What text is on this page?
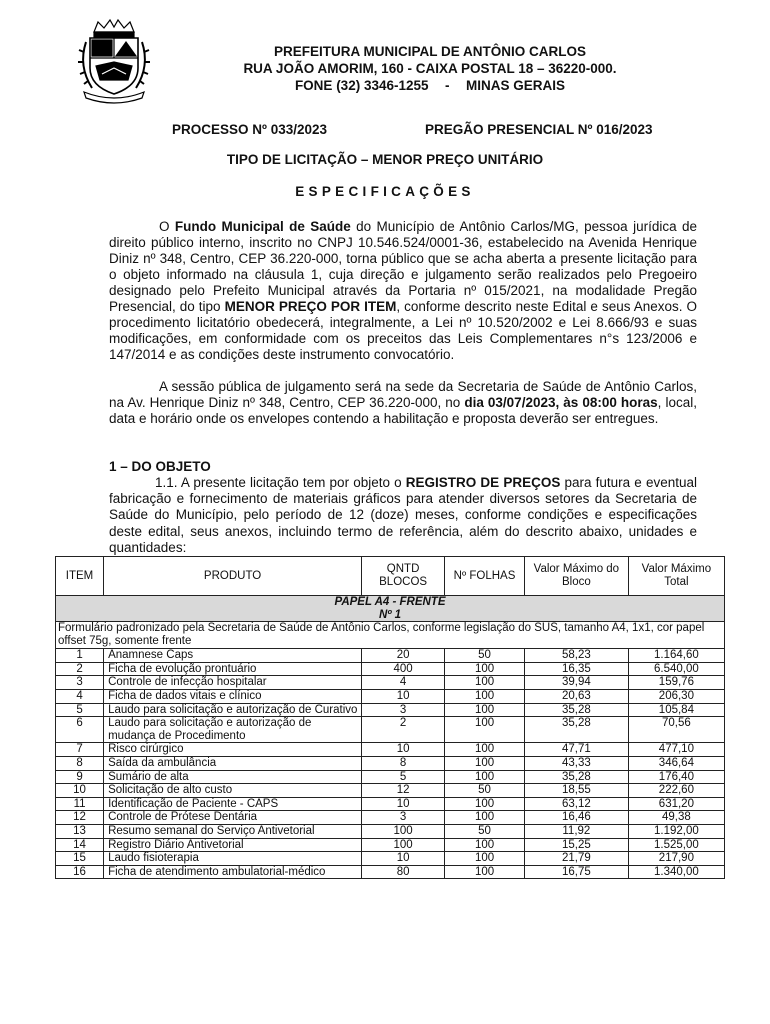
PREFEITURA MUNICIPAL DE ANTÔNIO CARLOS
RUA JOÃO AMORIM, 160 - CAIXA POSTAL 18 – 36220-000.
FONE (32) 3346-1255 - MINAS GERAIS
PROCESSO Nº 033/2023	PREGÃO PRESENCIAL Nº 016/2023
TIPO DE LICITAÇÃO – MENOR PREÇO UNITÁRIO
ESPECIFICAÇÕES
O Fundo Municipal de Saúde do Município de Antônio Carlos/MG, pessoa jurídica de direito público interno, inscrito no CNPJ 10.546.524/0001-36, estabelecido na Avenida Henrique Diniz nº 348, Centro, CEP 36.220-000, torna público que se acha aberta a presente licitação para o objeto informado na cláusula 1, cuja direção e julgamento serão realizados pelo Pregoeiro designado pelo Prefeito Municipal através da Portaria nº 015/2021, na modalidade Pregão Presencial, do tipo MENOR PREÇO POR ITEM, conforme descrito neste Edital e seus Anexos. O procedimento licitatório obedecerá, integralmente, a Lei nº 10.520/2002 e Lei 8.666/93 e suas modificações, em conformidade com os preceitos das Leis Complementares n°s 123/2006 e 147/2014 e as condições deste instrumento convocatório.
A sessão pública de julgamento será na sede da Secretaria de Saúde de Antônio Carlos, na Av. Henrique Diniz nº 348, Centro, CEP 36.220-000, no dia 03/07/2023, às 08:00 horas, local, data e horário onde os envelopes contendo a habilitação e proposta deverão ser entregues.
1 – DO OBJETO
1.1. A presente licitação tem por objeto o REGISTRO DE PREÇOS para futura e eventual fabricação e fornecimento de materiais gráficos para atender diversos setores da Secretaria de Saúde do Município, pelo período de 12 (doze) meses, conforme condições e especificações deste edital, seus anexos, incluindo termo de referência, além do descrito abaixo, unidades e quantidades:
ITEM	PRODUTO	QNTD BLOCOS	Nº FOLHAS	Valor Máximo do Bloco	Valor Máximo Total

PAPEL A4 - FRENTE
Nº 1					

Formulário padronizado pela Secretaria de Saúde de Antônio Carlos, conforme legislação do SUS, tamanho A4, 1x1, cor papel offset 75g, somente frente					
1	Anamnese Caps	20	50	58,23	1.164,60
2	Ficha de evolução prontuário	400	100	16,35	6.540,00
3	Controle de infecção hospitalar	4	100	39,94	159,76
4	Ficha de dados vitais e clínico	10	100	20,63	206,30
5	Laudo para solicitação e autorização de Curativo	3	100	35,28	105,84
6	Laudo para solicitação e autorização de mudança de Procedimento	2	100	35,28	70,56
7	Risco cirúrgico	10	100	47,71	477,10
8	Saída da ambulância	8	100	43,33	346,64
9	Sumário de alta	5	100	35,28	176,40
10	Solicitação de alto custo	12	50	18,55	222,60
11	Identificação de Paciente - CAPS	10	100	63,12	631,20
12	Controle de Prótese Dentária	3	100	16,46	49,38
13	Resumo semanal do Serviço Antivetorial	100	50	11,92	1.192,00
14	Registro Diário Antivetorial	100	100	15,25	1.525,00
15	Laudo fisioterapia	10	100	21,79	217,90
16	Ficha de atendimento ambulatorial-médico	80	100	16,75	1.340,00
